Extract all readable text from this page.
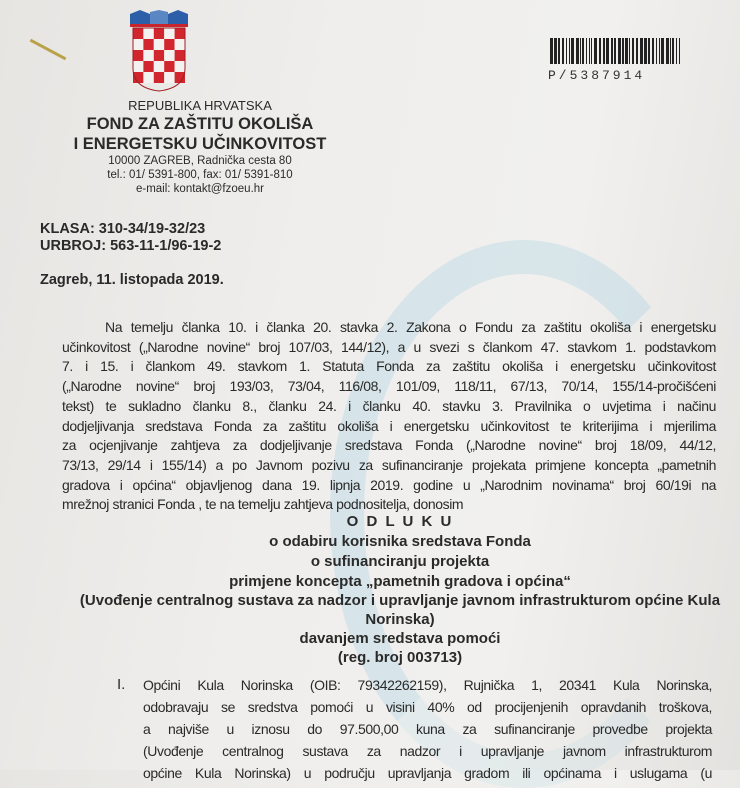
P/5387914
REPUBLIKA HRVATSKA
FOND ZA ZAŠTITU OKOLIŠA
I ENERGETSKU UČINKOVITOST
10000 ZAGREB, Radnička cesta 80
tel.: 01/ 5391-800, fax: 01/ 5391-810
e-mail: kontakt@fzoeu.hr
KLASA: 310-34/19-32/23
URBROJ: 563-11-1/96-19-2
Zagreb, 11. listopada 2019.
Na temelju članka 10. i članka 20. stavka 2. Zakona o Fondu za zaštitu okoliša i energetsku
učinkovitost („Narodne novine“ broj 107/03, 144/12), a u svezi s člankom 47. stavkom 1. podstavkom
7. i 15. i člankom 49. stavkom 1. Statuta Fonda za zaštitu okoliša i energetsku učinkovitost
(„Narodne novine“ broj 193/03, 73/04, 116/08, 101/09, 118/11, 67/13, 70/14, 155/14-pročišćeni
tekst) te sukladno članku 8., članku 24. i članku 40. stavku 3. Pravilnika o uvjetima i načinu
dodjeljivanja sredstava Fonda za zaštitu okoliša i energetsku učinkovitost te kriterijima i mjerilima
za ocjenjivanje zahtjeva za dodjeljivanje sredstava Fonda („Narodne novine“ broj 18/09, 44/12,
73/13, 29/14 i 155/14) a po Javnom pozivu za sufinanciranje projekata primjene koncepta „pametnih
gradova i općina“ objavljenog dana 19. lipnja 2019. godine u „Narodnim novinama“ broj 60/19i na
mrežnoj stranici Fonda , te na temelju zahtjeva podnositelja, donosim
O D L U K U
o odabiru korisnika sredstava Fonda
o sufinanciranju projekta
primjene koncepta „pametnih gradova i općina“
(Uvođenje centralnog sustava za nadzor i upravljanje javnom infrastrukturom općine Kula
Norinska)
davanjem sredstava pomoći
(reg. broj 003713)
I. Općini Kula Norinska (OIB: 79342262159), Rujnička 1, 20341 Kula Norinska,
odobravaju se sredstva pomoći u visini 40% od procijenjenih opravdanih troškova,
a najviše u iznosu do 97.500,00 kuna za sufinanciranje provedbe projekta
(Uvođenje centralnog sustava za nadzor i upravljanje javnom infrastrukturom
općine Kula Norinska) u području upravljanja gradom ili općinama i uslugama (u
